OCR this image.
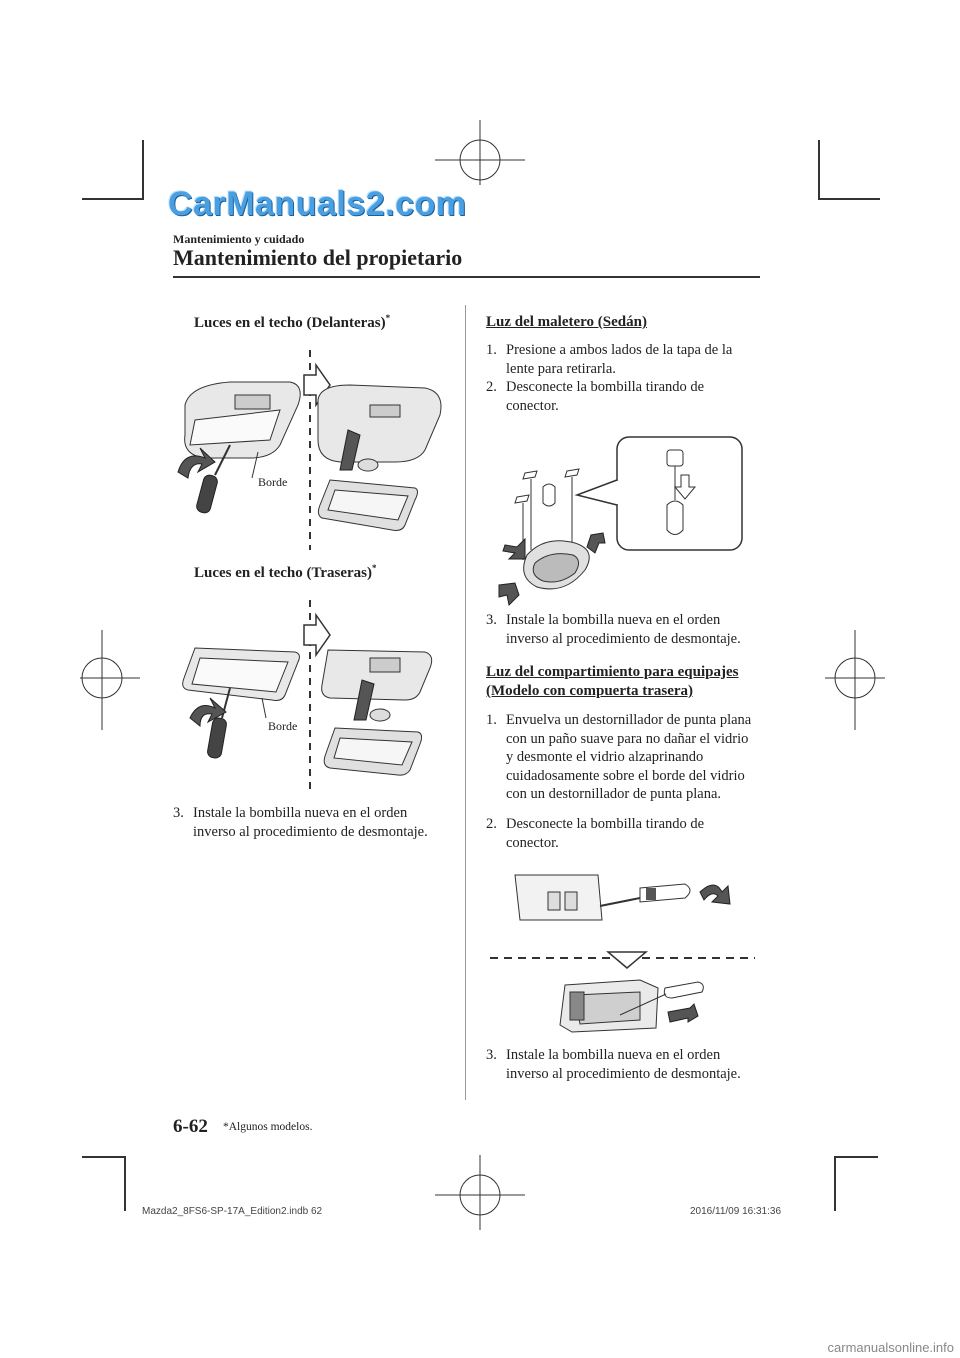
CarManuals2.com
Mantenimiento y cuidado
Mantenimiento del propietario
Luces en el techo (Delanteras)*
Borde
Luces en el techo (Traseras)*
Borde
3. Instale la bombilla nueva en el orden inverso al procedimiento de desmontaje.
Luz del maletero (Sedán)
1. Presione a ambos lados de la tapa de la lente para retirarla.
2. Desconecte la bombilla tirando de conector.
3. Instale la bombilla nueva en el orden inverso al procedimiento de desmontaje.
Luz del compartimiento para equipajes
(Modelo con compuerta trasera)
1. Envuelva un destornillador de punta plana con un paño suave para no dañar el vidrio y desmonte el vidrio alzaprinando cuidadosamente sobre el borde del vidrio con un destornillador de punta plana.
2. Desconecte la bombilla tirando de conector.
3. Instale la bombilla nueva en el orden inverso al procedimiento de desmontaje.
6-62 *Algunos modelos.
Mazda2_8FS6-SP-17A_Edition2.indb 62	2016/11/09 16:31:36
carmanualsonline.info
